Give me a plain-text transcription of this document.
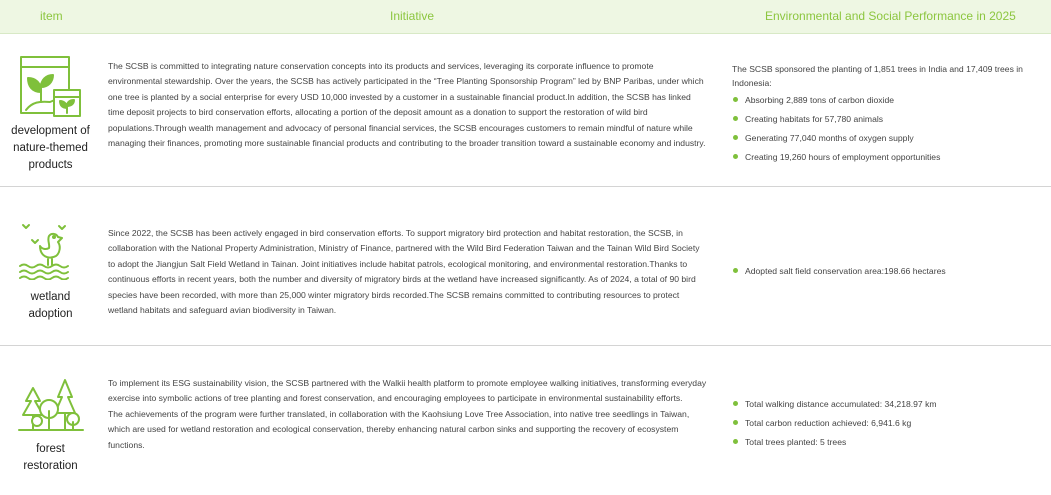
item	Initiative	Environmental and Social Performance in 2025
development of
nature-themed
products

The SCSB is committed to integrating nature conservation concepts into its products and services, leveraging its corporate influence to promote environmental stewardship. Over the years, the SCSB has actively participated in the “Tree Planting Sponsorship Program” led by BNP Paribas, under which one tree is planted by a social enterprise for every USD 10,000 invested by a customer in a sustainable financial product.In addition, the SCSB has linked time deposit projects to bird conservation efforts, allocating a portion of the deposit amount as a donation to support the restoration of wild bird populations.Through wealth management and advocacy of personal financial services, the SCSB encourages customers to remain mindful of nature while managing their finances, promoting more sustainable financial products and contributing to the broader transition toward a sustainable economy and industry.

The SCSB sponsored the planting of 1,851 trees in India and 17,409 trees in Indonesia:

Absorbing 2,889 tons of carbon dioxide
Creating habitats for 57,780 animals
Generating 77,040 months of oxygen supply
Creating 19,260 hours of employment opportunities
wetland
adoption

Since 2022, the SCSB has been actively engaged in bird conservation efforts. To support migratory bird protection and habitat restoration, the SCSB, in collaboration with the National Property Administration, Ministry of Finance, partnered with the Wild Bird Federation Taiwan and the Tainan Wild Bird Society to adopt the Jiangjun Salt Field Wetland in Tainan. Joint initiatives include habitat patrols, ecological monitoring, and environmental restoration.Thanks to continuous efforts in recent years, both the number and diversity of migratory birds at the wetland have increased significantly. As of 2024, a total of 90 bird species have been recorded, with more than 25,000 winter migratory birds recorded.The SCSB remains committed to contributing resources to protect wetland habitats and safeguard avian biodiversity in Taiwan.

Adopted salt field conservation area:198.66 hectares
forest
restoration

To implement its ESG sustainability vision, the SCSB partnered with the Walkii health platform to promote employee walking initiatives, transforming everyday exercise into symbolic actions of tree planting and forest conservation, and encouraging employees to participate in environmental sustainability efforts.

The achievements of the program were further translated, in collaboration with the Kaohsiung Love Tree Association, into native tree seedlings in Taiwan, which are used for wetland restoration and ecological conservation, thereby enhancing natural carbon sinks and supporting the recovery of ecosystem functions.

Total walking distance accumulated: 34,218.97 km
Total carbon reduction achieved: 6,941.6 kg
Total trees planted: 5 trees
